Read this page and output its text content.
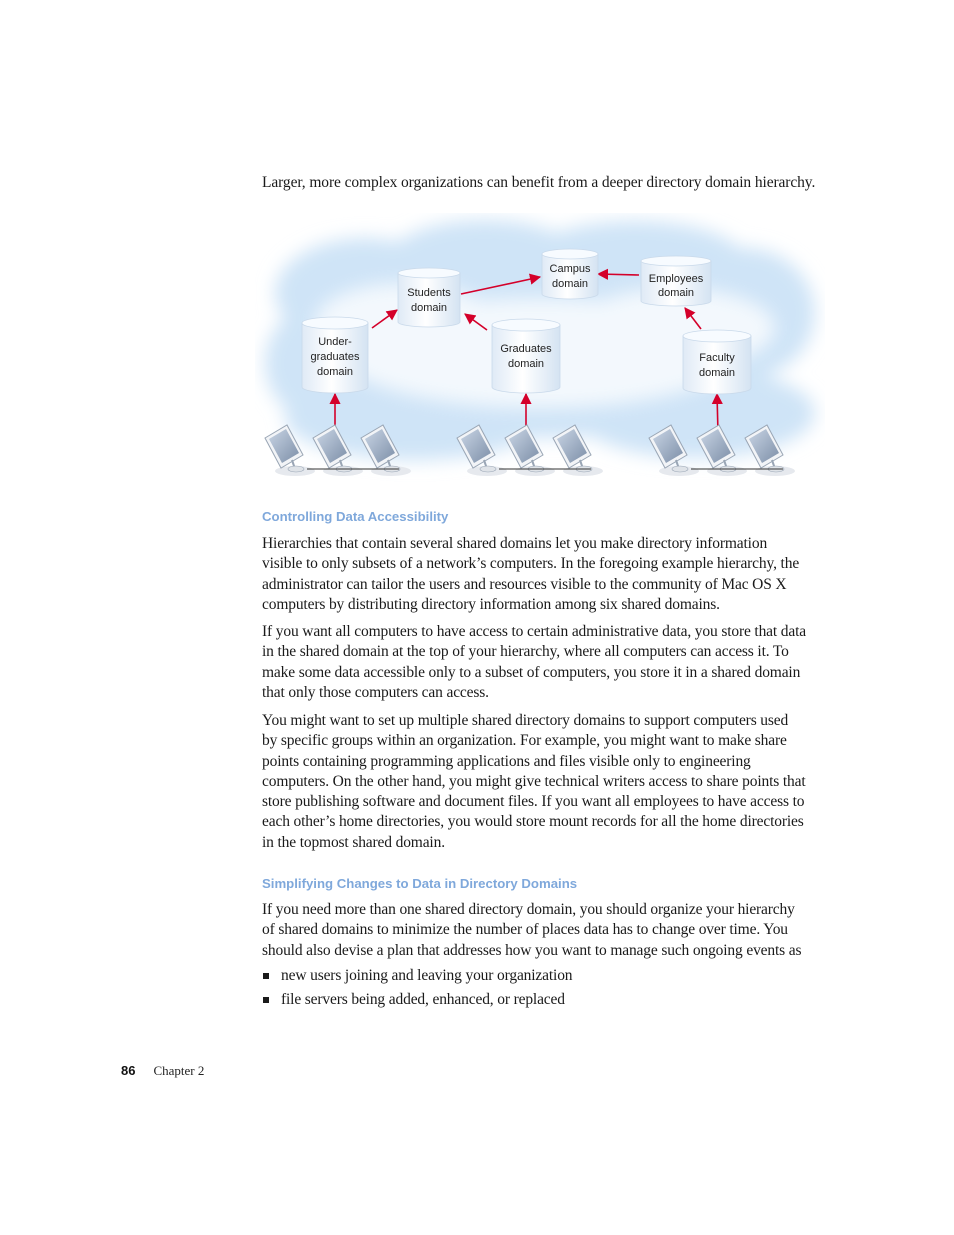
Larger, more complex organizations can benefit from a deeper directory domain hierarchy.

Campus
domain
Students
domain
Employees
domain
Under-
graduates
domain
Graduates
domain	Faculty
domain
Controlling Data Accessibility

Hierarchies that contain several shared domains let you make directory information visible to only subsets of a network’s computers. In the foregoing example hierarchy, the administrator can tailor the users and resources visible to the community of Mac OS X computers by distributing directory information among six shared domains.

If you want all computers to have access to certain administrative data, you store that data in the shared domain at the top of your hierarchy, where all computers can access it. To make some data accessible only to a subset of computers, you store it in a shared domain that only those computers can access.

You might want to set up multiple shared directory domains to support computers used by specific groups within an organization. For example, you might want to make share points containing programming applications and files visible only to engineering computers. On the other hand, you might give technical writers access to share points that store publishing software and document files. If you want all employees to have access to each other’s home directories, you would store mount records for all the home directories in the topmost shared domain.

Simplifying Changes to Data in Directory Domains

If you need more than one shared directory domain, you should organize your hierarchy of shared domains to minimize the number of places data has to change over time. You should also devise a plan that addresses how you want to manage such ongoing events as

new users joining and leaving your organization
file servers being added, enhanced, or replaced
86 Chapter 2
